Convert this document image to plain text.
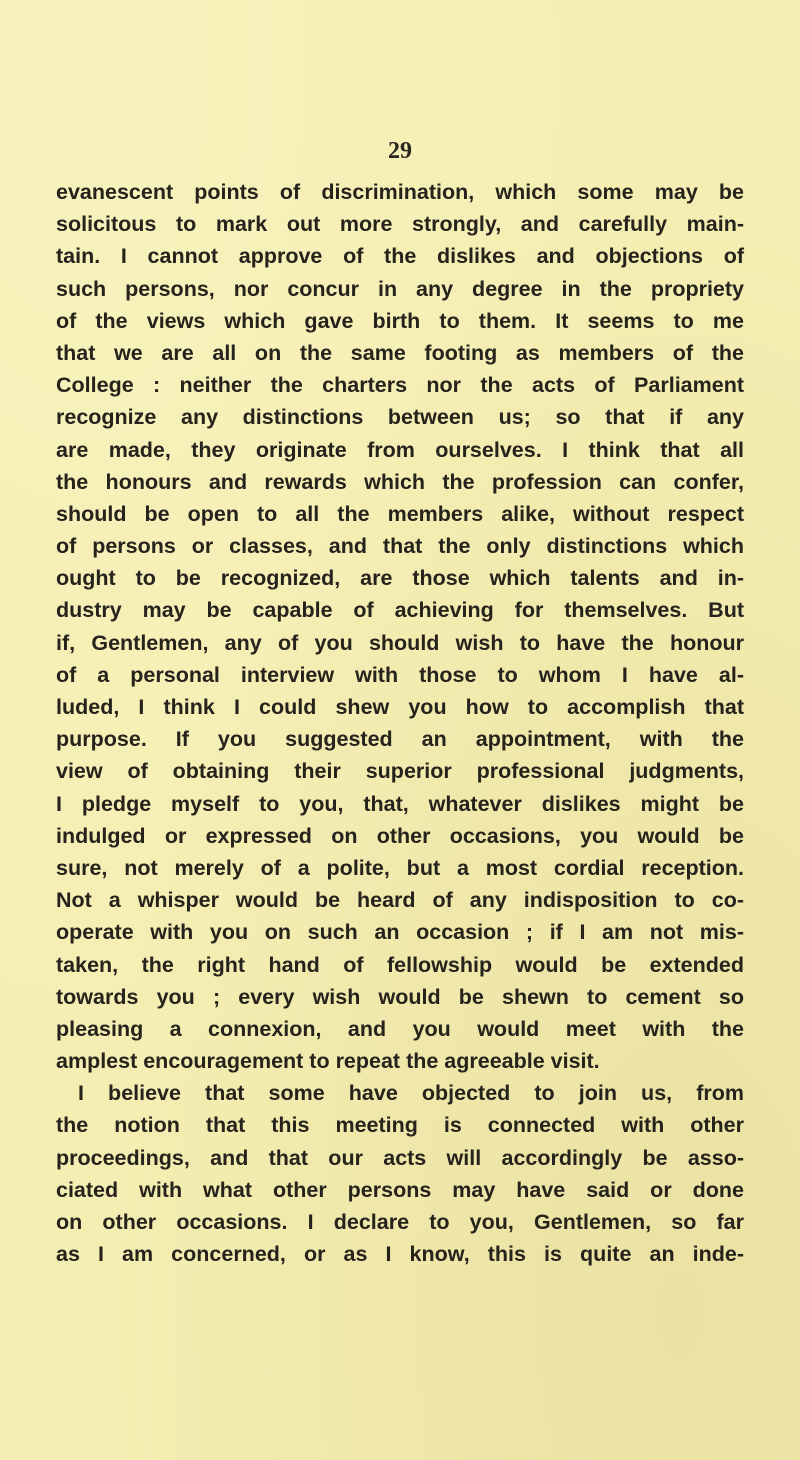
29
evanescent points of discrimination, which some may be
solicitous to mark out more strongly, and carefully main-
tain. I cannot approve of the dislikes and objections of
such persons, nor concur in any degree in the propriety
of the views which gave birth to them. It seems to me
that we are all on the same footing as members of the
College : neither the charters nor the acts of Parliament
recognize any distinctions between us; so that if any
are made, they originate from ourselves. I think that all
the honours and rewards which the profession can confer,
should be open to all the members alike, without respect
of persons or classes, and that the only distinctions which
ought to be recognized, are those which talents and in-
dustry may be capable of achieving for themselves. But
if, Gentlemen, any of you should wish to have the honour
of a personal interview with those to whom I have al-
luded, I think I could shew you how to accomplish that
purpose. If you suggested an appointment, with the
view of obtaining their superior professional judgments,
I pledge myself to you, that, whatever dislikes might be
indulged or expressed on other occasions, you would be
sure, not merely of a polite, but a most cordial reception.
Not a whisper would be heard of any indisposition to co-
operate with you on such an occasion ; if I am not mis-
taken, the right hand of fellowship would be extended
towards you ; every wish would be shewn to cement so
pleasing a connexion, and you would meet with the
amplest encouragement to repeat the agreeable visit.
I believe that some have objected to join us, from
the notion that this meeting is connected with other
proceedings, and that our acts will accordingly be asso-
ciated with what other persons may have said or done
on other occasions. I declare to you, Gentlemen, so far
as I am concerned, or as I know, this is quite an inde-
